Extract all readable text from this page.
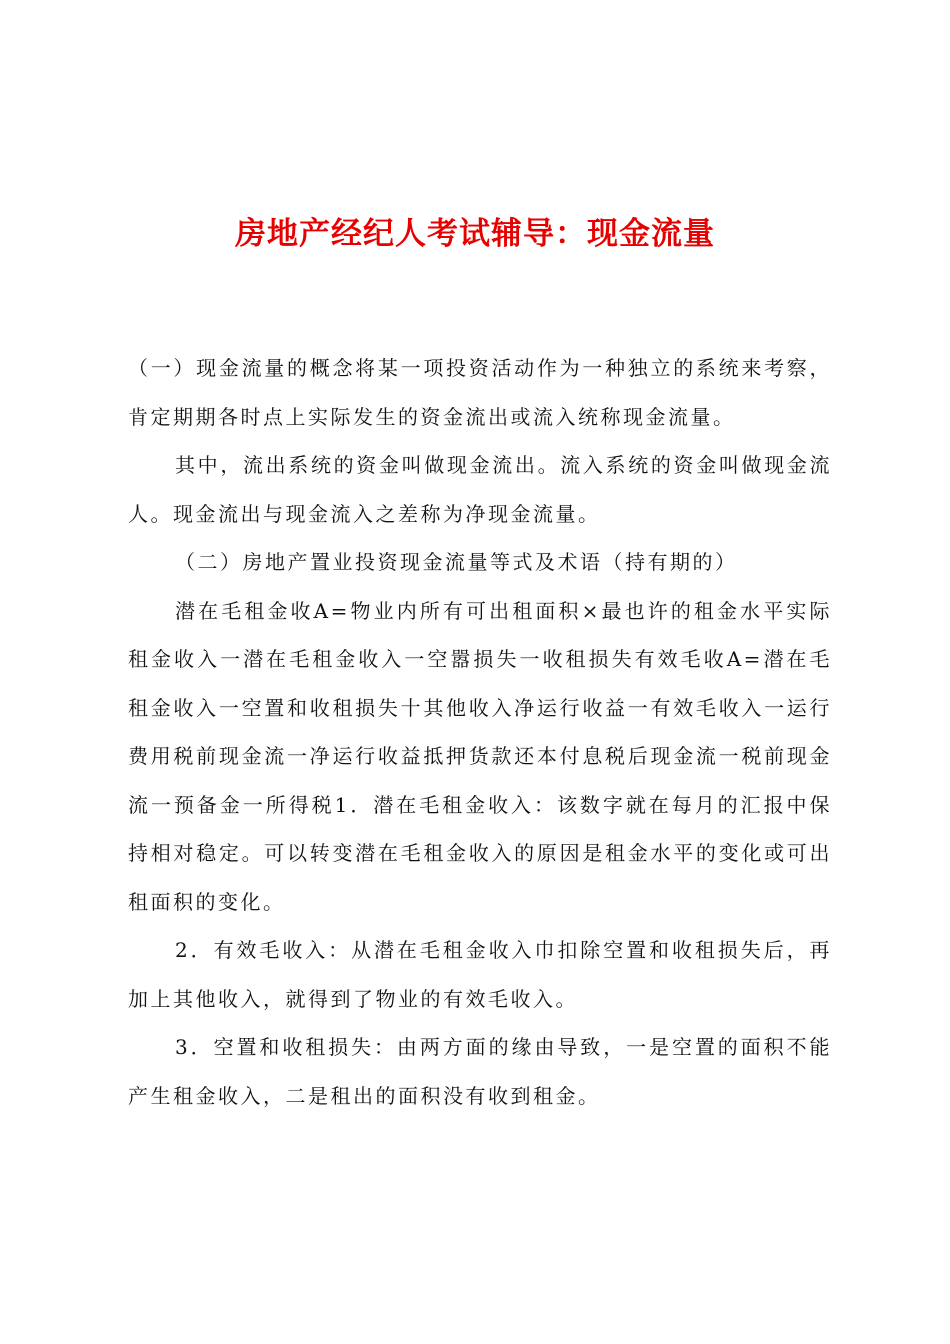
房地产经纪人考试辅导：现金流量

（一）现金流量的概念将某一项投资活动作为一种独立的系统来考察，肯定期期各时点上实际发生的资金流出或流入统称现金流量。

其中，流出系统的资金叫做现金流出。流入系统的资金叫做现金流人。现金流出与现金流入之差称为净现金流量。

（二）房地产置业投资现金流量等式及术语（持有期的）

潜在毛租金收A=物业内所有可出租面积×最也许的租金水平实际租金收入一潜在毛租金收入一空嚣损失一收租损失有效毛收A=潜在毛租金收入一空置和收租损失十其他收入净运行收益一有效毛收入一运行费用税前现金流一净运行收益抵押货款还本付息税后现金流一税前现金流一预备金一所得税1．潜在毛租金收入：该数字就在每月的汇报中保持相对稳定。可以转变潜在毛租金收入的原因是租金水平的变化或可出租面积的变化。

2．有效毛收入：从潜在毛租金收入巾扣除空置和收租损失后，再加上其他收入，就得到了物业的有效毛收入。

3．空置和收租损失：由两方面的缘由导致，一是空置的面积不能产生租金收入，二是租出的面积没有收到租金。
